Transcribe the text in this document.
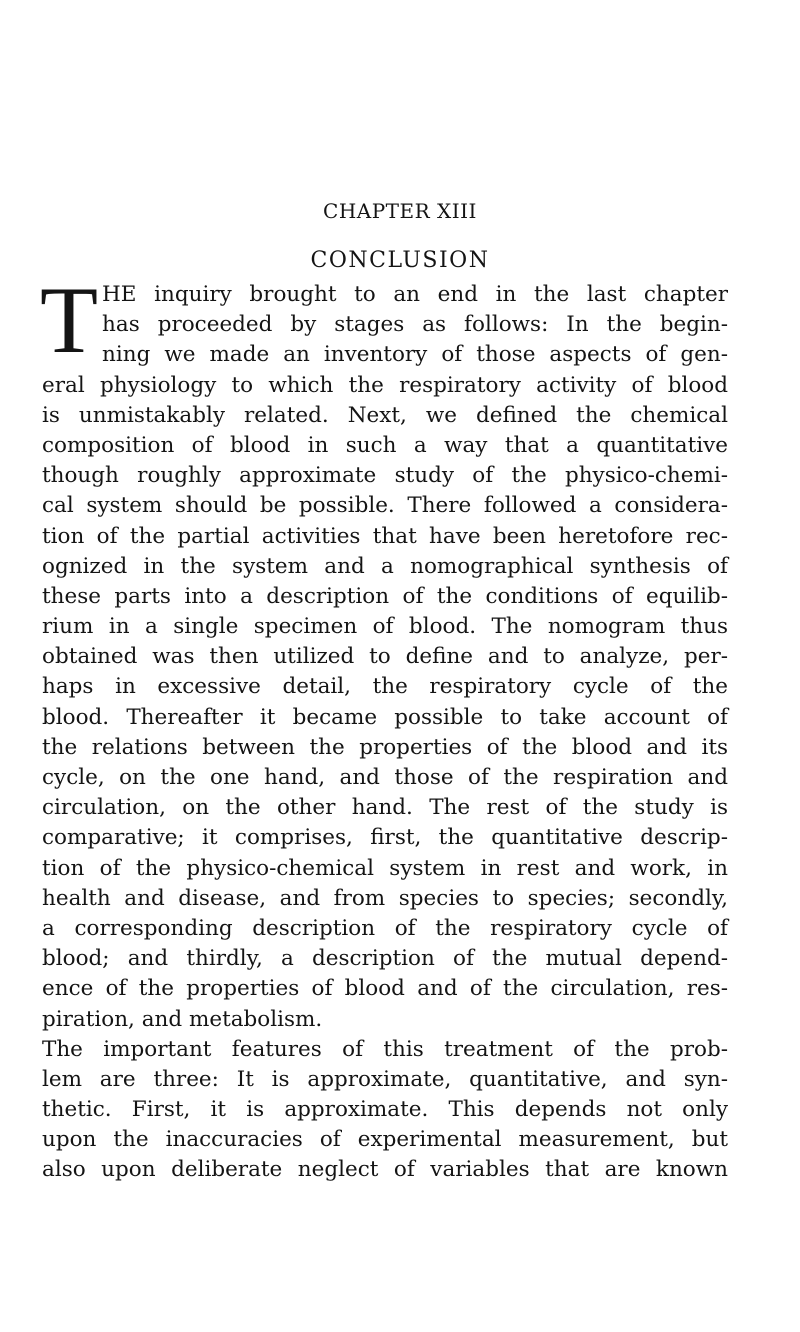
CHAPTER XIII
CONCLUSION
T HE inquiry brought to an end in the last chapter
has proceeded by stages as follows: In the begin-
ning we made an inventory of those aspects of gen-
eral physiology to which the respiratory activity of blood
is unmistakably related. Next, we defined the chemical
composition of blood in such a way that a quantitative
though roughly approximate study of the physico-chemi-
cal system should be possible. There followed a considera-
tion of the partial activities that have been heretofore rec-
ognized in the system and a nomographical synthesis of
these parts into a description of the conditions of equilib-
rium in a single specimen of blood. The nomogram thus
obtained was then utilized to define and to analyze, per-
haps in excessive detail, the respiratory cycle of the
blood. Thereafter it became possible to take account of
the relations between the properties of the blood and its
cycle, on the one hand, and those of the respiration and
circulation, on the other hand. The rest of the study is
comparative; it comprises, first, the quantitative descrip-
tion of the physico-chemical system in rest and work, in
health and disease, and from species to species; secondly,
a corresponding description of the respiratory cycle of
blood; and thirdly, a description of the mutual depend-
ence of the properties of blood and of the circulation, res-
piration, and metabolism.
The important features of this treatment of the prob-
lem are three: It is approximate, quantitative, and syn-
thetic. First, it is approximate. This depends not only
upon the inaccuracies of experimental measurement, but
also upon deliberate neglect of variables that are known
